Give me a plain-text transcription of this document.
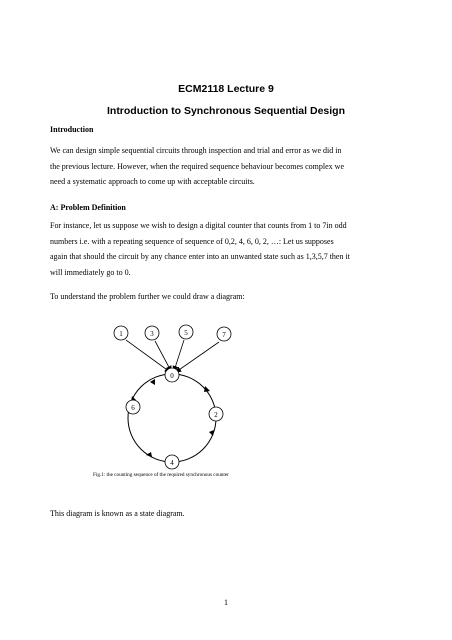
ECM2118 Lecture 9
Introduction to Synchronous Sequential Design
Introduction
We can design simple sequential circuits through inspection and trial and error as we did in
the previous lecture. However, when the required sequence behaviour becomes complex we
need a systematic approach to come up with acceptable circuits.
A: Problem Definition
For instance, let us suppose we wish to design a digital counter that counts from 1 to 7in odd
numbers i.e. with a repeating sequence of sequence of 0,2, 4, 6, 0, 2, …: Let us supposes
again that should the circuit by any chance enter into an unwanted state such as 1,3,5,7 then it
will immediately go to 0.
To understand the problem further we could draw a diagram:
1	3	5	7
0
2
4
6
Fig.1: the counting sequence of the required synchronous counter
This diagram is known as a state diagram.
1
